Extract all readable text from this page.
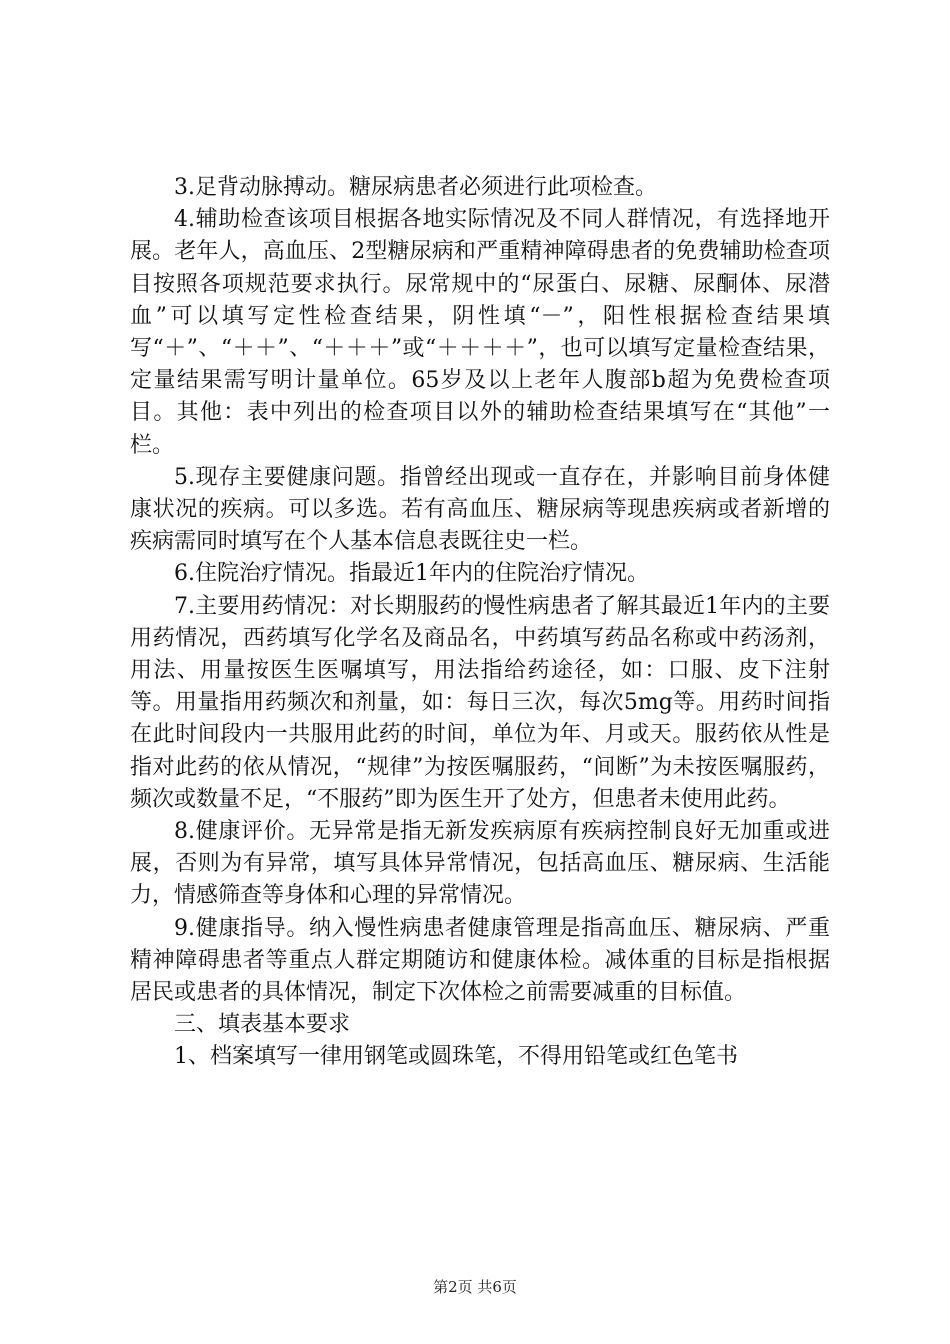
3.足背动脉搏动。糖尿病患者必须进行此项检查。

4.辅助检查该项目根据各地实际情况及不同人群情况，有选择地开展。老年人，高血压、2型糖尿病和严重精神障碍患者的免费辅助检查项目按照各项规范要求执行。尿常规中的“尿蛋白、尿糖、尿酮体、尿潜血”可以填写定性检查结果，阴性填“－”，阳性根据检查结果填写“＋”、“＋＋”、“＋＋＋”或“＋＋＋＋”，也可以填写定量检查结果，定量结果需写明计量单位。65岁及以上老年人腹部b超为免费检查项目。其他：表中列出的检查项目以外的辅助检查结果填写在“其他”一栏。

5.现存主要健康问题。指曾经出现或一直存在，并影响目前身体健康状况的疾病。可以多选。若有高血压、糖尿病等现患疾病或者新增的疾病需同时填写在个人基本信息表既往史一栏。

6.住院治疗情况。指最近1年内的住院治疗情况。

7.主要用药情况：对长期服药的慢性病患者了解其最近1年内的主要用药情况，西药填写化学名及商品名，中药填写药品名称或中药汤剂，用法、用量按医生医嘱填写，用法指给药途径，如：口服、皮下注射等。用量指用药频次和剂量，如：每日三次，每次5mg等。用药时间指在此时间段内一共服用此药的时间，单位为年、月或天。服药依从性是指对此药的依从情况，“规律”为按医嘱服药，“间断”为未按医嘱服药，频次或数量不足，“不服药”即为医生开了处方，但患者未使用此药。

8.健康评价。无异常是指无新发疾病原有疾病控制良好无加重或进展，否则为有异常，填写具体异常情况，包括高血压、糖尿病、生活能力，情感筛查等身体和心理的异常情况。

9.健康指导。纳入慢性病患者健康管理是指高血压、糖尿病、严重精神障碍患者等重点人群定期随访和健康体检。减体重的目标是指根据居民或患者的具体情况，制定下次体检之前需要减重的目标值。

三、填表基本要求

1、档案填写一律用钢笔或圆珠笔，不得用铅笔或红色笔书

第2页 共6页
